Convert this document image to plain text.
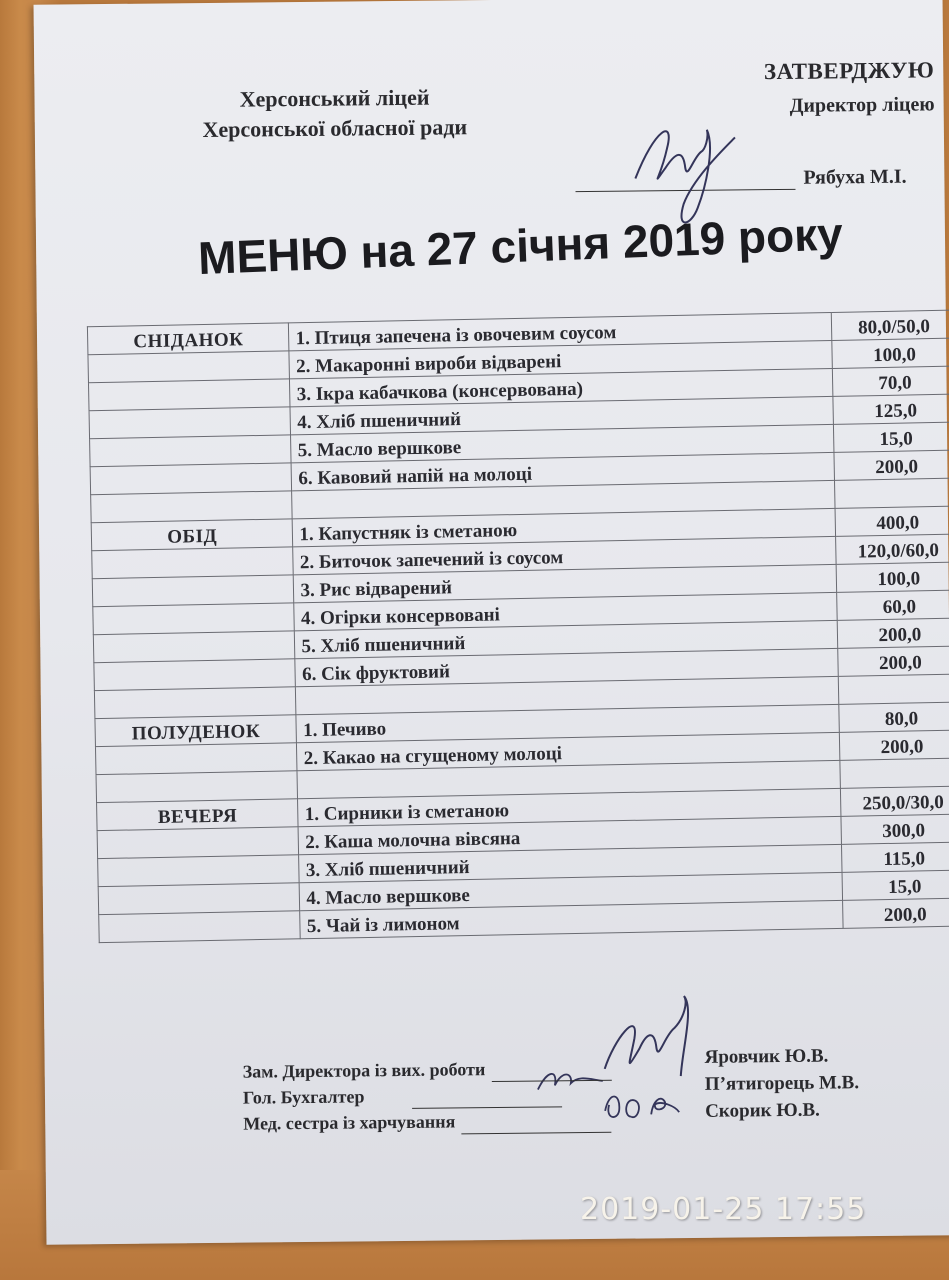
Херсонський ліцей
Херсонської обласної ради
ЗАТВЕРДЖУЮ
Директор ліцею
Рябуха М.І.
МЕНЮ на 27 січня 2019 року
СНІДАНОК	1. Птиця запечена із овочевим соусом	80,0/50,0
	2. Макаронні вироби відварені	100,0
	3. Ікра кабачкова (консервована)	70,0
	4. Хліб пшеничний	125,0
	5. Масло вершкове	15,0
	6. Кавовий напій на молоці	200,0

ОБІД	1. Капустняк із сметаною	400,0
	2. Биточок запечений із соусом	120,0/60,0
	3. Рис відварений	100,0
	4. Огірки консервовані	60,0
	5. Хліб пшеничний	200,0
	6. Сік фруктовий	200,0

ПОЛУДЕНОК	1. Печиво	80,0
	2. Какао на сгущеному молоці	200,0

ВЕЧЕРЯ	1. Сирники із сметаною	250,0/30,0
	2. Каша молочна вівсяна	300,0
	3. Хліб пшеничний	115,0
	4. Масло вершкове	15,0
	5. Чай із лимоном	200,0
Зам. Директора із вих. роботи
Гол. Бухгалтер
Мед. сестра із харчування
Яровчик Ю.В.
П’ятигорець М.В.
Скорик Ю.В.
2019-01-25 17:55
